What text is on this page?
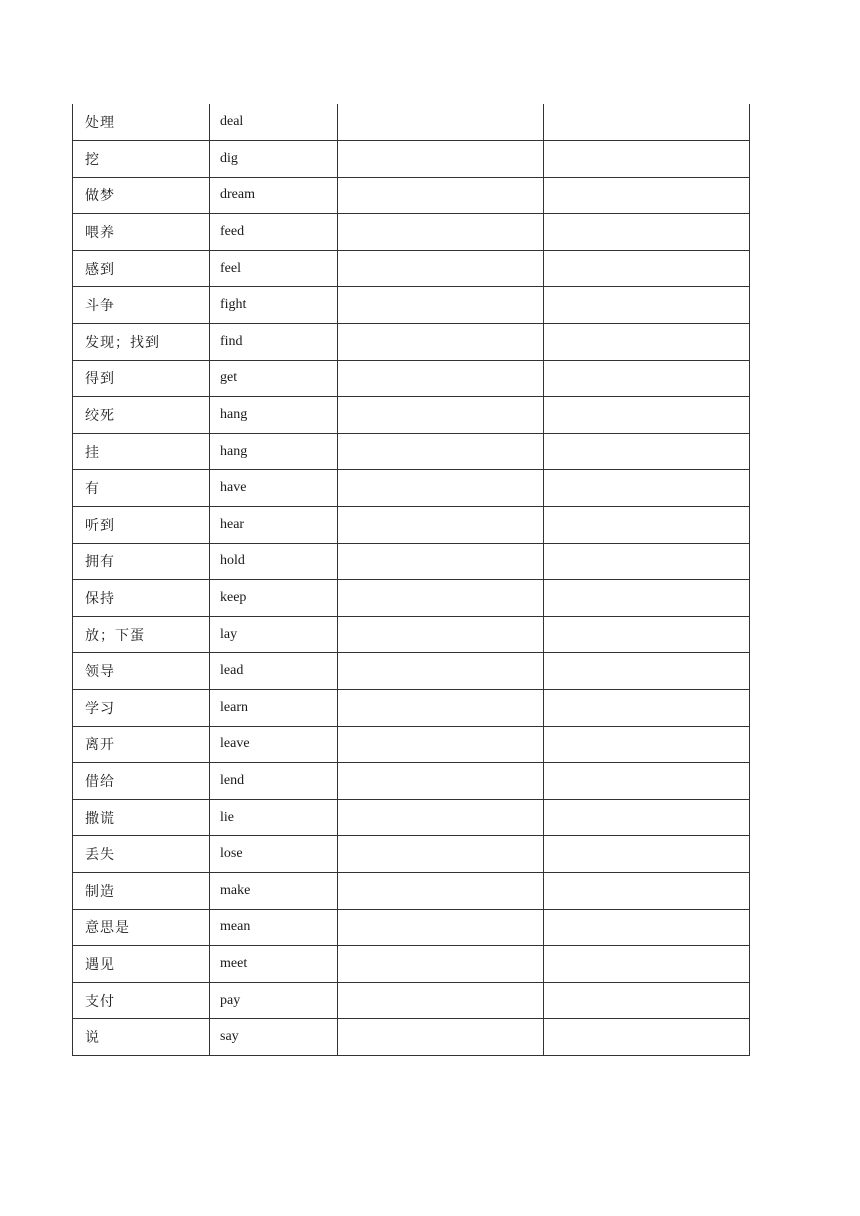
处理	deal		
挖	dig		
做梦	dream		
喂养	feed		
感到	feel		
斗争	fight		
发现；找到	find		
得到	get		
绞死	hang		
挂	hang		
有	have		
听到	hear		
拥有	hold		
保持	keep		
放；下蛋	lay		
领导	lead		
学习	learn		
离开	leave		
借给	lend		
撒谎	lie		
丢失	lose		
制造	make		
意思是	mean		
遇见	meet		
支付	pay		
说	say		
